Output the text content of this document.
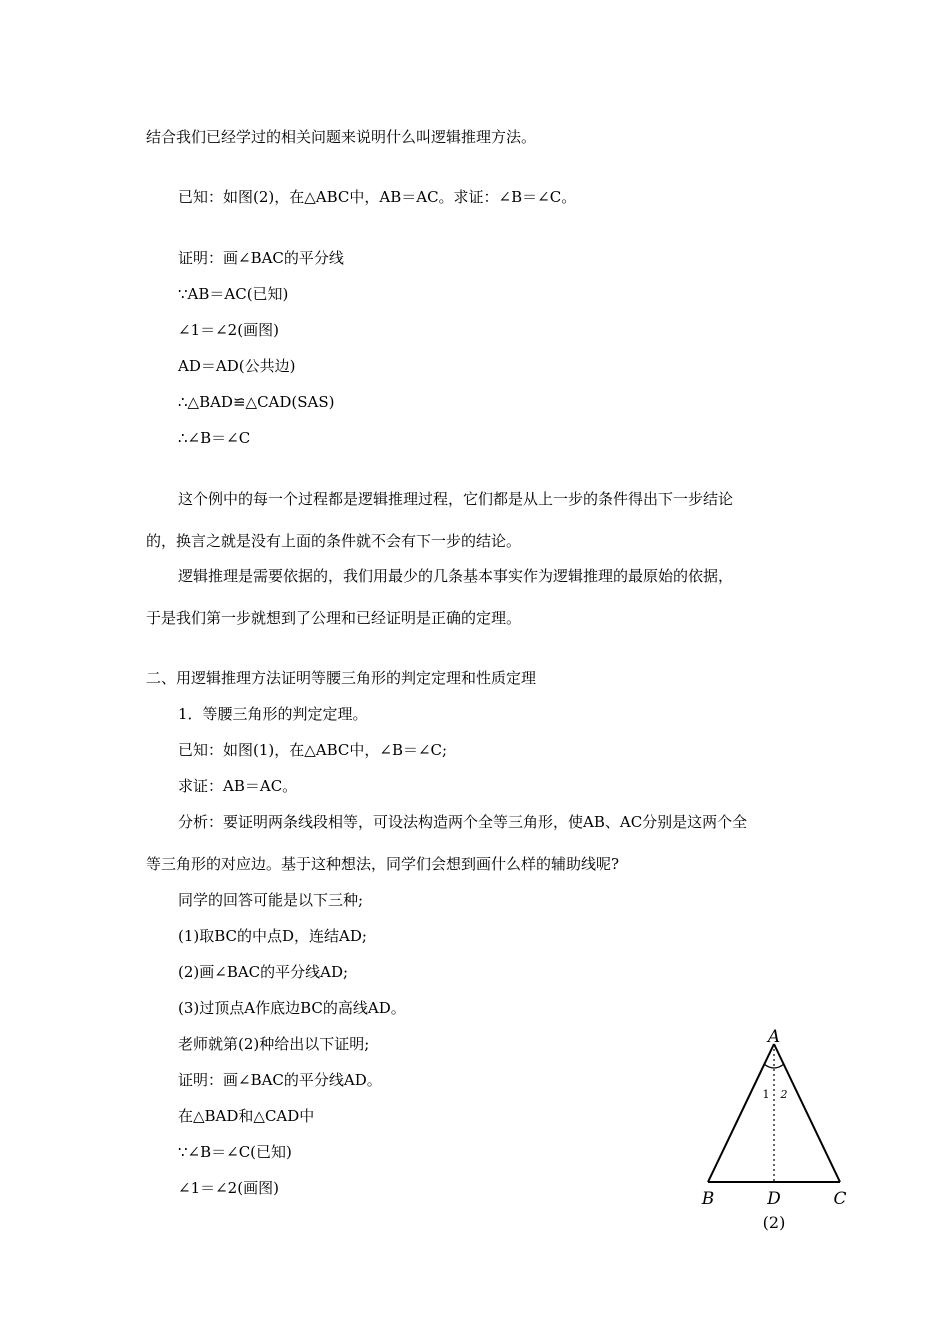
结合我们已经学过的相关问题来说明什么叫逻辑推理方法。
已知：如图(2)，在△ABC中，AB＝AC。求证：∠B＝∠C。
证明：画∠BAC的平分线
∵AB＝AC(已知)
∠1＝∠2(画图)
AD＝AD(公共边)
∴△BAD≌△CAD(SAS)
∴∠B＝∠C
这个例中的每一个过程都是逻辑推理过程，它们都是从上一步的条件得出下一步结论
的，换言之就是没有上面的条件就不会有下一步的结论。
逻辑推理是需要依据的，我们用最少的几条基本事实作为逻辑推理的最原始的依据，
于是我们第一步就想到了公理和已经证明是正确的定理。
二、用逻辑推理方法证明等腰三角形的判定定理和性质定理
1．等腰三角形的判定定理。
已知：如图(1)，在△ABC中，∠B＝∠C;
求证：AB＝AC。
分析：要证明两条线段相等，可设法构造两个全等三角形，使AB、AC分别是这两个全
等三角形的对应边。基于这种想法，同学们会想到画什么样的辅助线呢?
同学的回答可能是以下三种;
(1)取BC的中点D，连结AD;
(2)画∠BAC的平分线AD;
(3)过顶点A作底边BC的高线AD。
老师就第(2)种给出以下证明;
证明：画∠BAC的平分线AD。
在△BAD和△CAD中
∵∠B＝∠C(已知)
∠1＝∠2(画图)
A
1 2
B	D	C
(2)
